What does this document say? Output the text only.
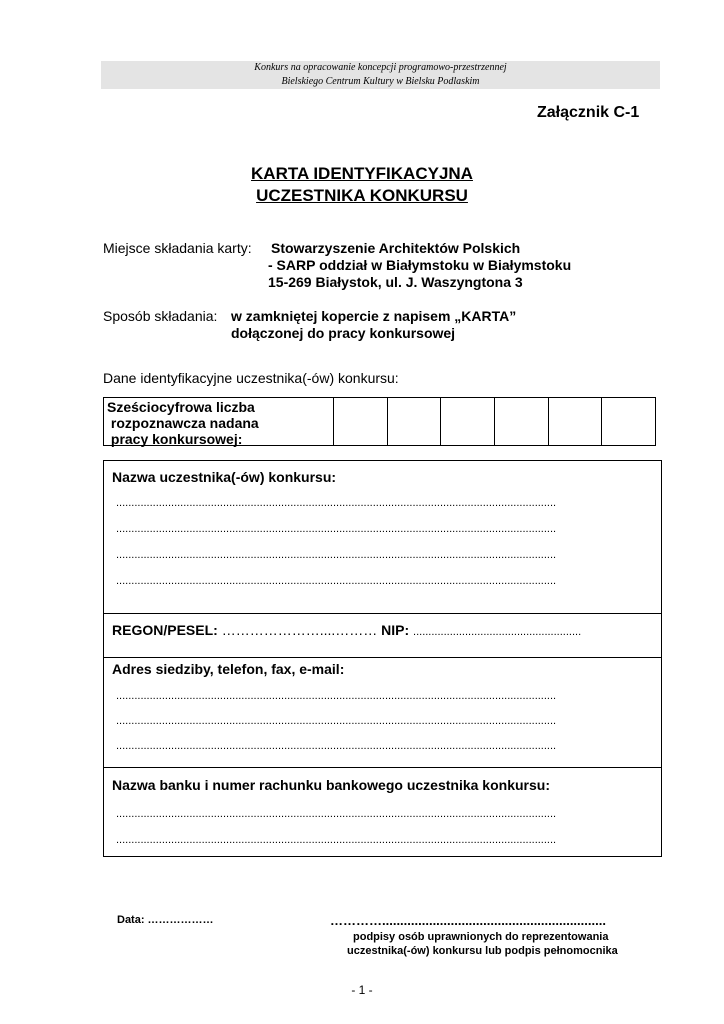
Konkurs na opracowanie koncepcji programowo-przestrzennej
Bielskiego Centrum Kultury w Bielsku Podlaskim
Załącznik C-1
KARTA IDENTYFIKACYJNA
UCZESTNIKA KONKURSU
Miejsce składania karty: Stowarzyszenie Architektów Polskich
- SARP oddział w Białymstoku w Białymstoku
15-269 Białystok, ul. J. Waszyngtona 3
Sposób składania: w zamkniętej kopercie z napisem „KARTA”
dołączonej do pracy konkursowej
Dane identyfikacyjne uczestnika(-ów) konkursu:
Sześciocyfrowa liczba
rozpoznawcza nadana
pracy konkursowej:
Nazwa uczestnika(-ów) konkursu:
................................................................................................................................................
................................................................................................................................................
................................................................................................................................................
................................................................................................................................................
REGON/PESEL: …………………....……… NIP: .......................................................
Adres siedziby, telefon, fax, e-mail:
................................................................................................................................................
................................................................................................................................................
................................................................................................................................................
Nazwa banku i numer rachunku bankowego uczestnika konkursu:
................................................................................................................................................
................................................................................................................................................
Data: ………………	…………..............................................................
podpisy osób uprawnionych do reprezentowania
uczestnika(-ów) konkursu lub podpis pełnomocnika
- 1 -
